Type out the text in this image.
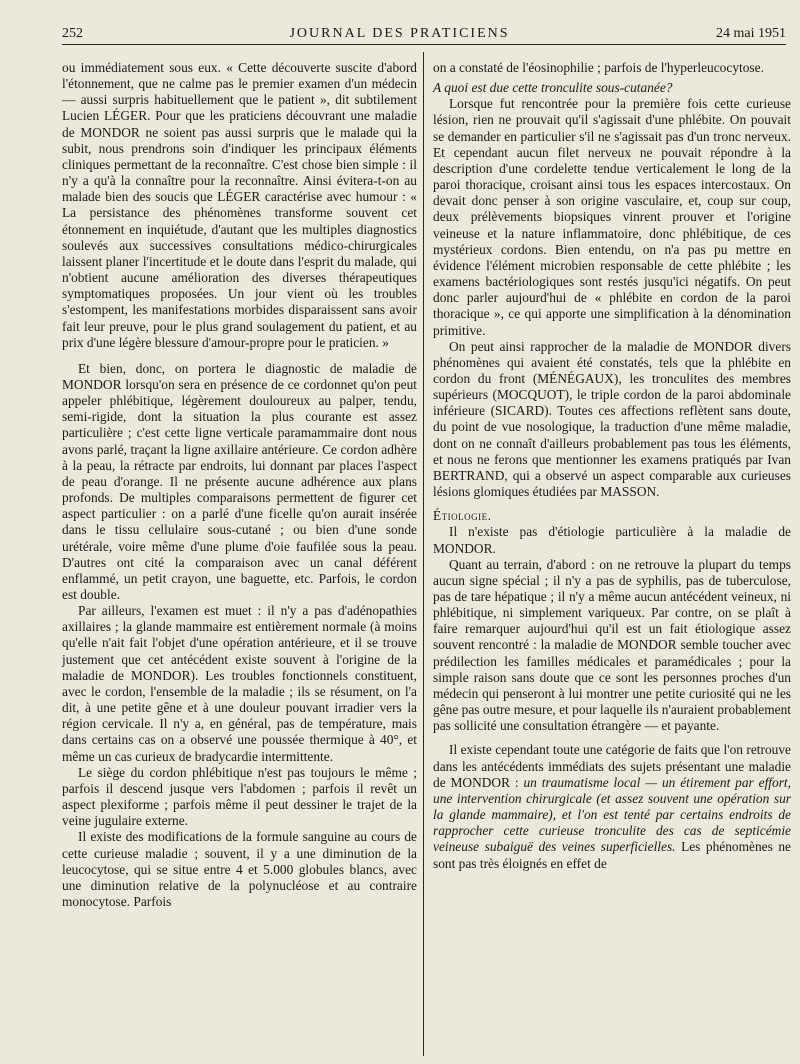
252	JOURNAL DES PRATICIENS	24 mai 1951

ou immédiatement sous eux. « Cette découverte suscite d'abord l'étonnement, que ne calme pas le premier examen d'un médecin — aussi surpris habituellement que le patient », dit subtilement Lucien LÉGER. Pour que les praticiens découvrant une maladie de MONDOR ne soient pas aussi surpris que le malade qui la subit, nous prendrons soin d'indiquer les principaux éléments cliniques permettant de la reconnaître. C'est chose bien simple : il n'y a qu'à la connaître pour la reconnaître. Ainsi évitera-t-on au malade bien des soucis que LÉGER caractérise avec humour : « La persistance des phénomènes transforme souvent cet étonnement en inquiétude, d'autant que les multiples diagnostics soulevés aux successives consultations médico-chirurgicales laissent planer l'incertitude et le doute dans l'esprit du malade, qui n'obtient aucune amélioration des diverses thérapeutiques symptomatiques proposées. Un jour vient où les troubles s'estompent, les manifestations morbides disparaissent sans avoir fait leur preuve, pour le plus grand soulagement du patient, et au prix d'une légère blessure d'amour-propre pour le praticien. »

Et bien, donc, on portera le diagnostic de maladie de MONDOR lorsqu'on sera en présence de ce cordonnet qu'on peut appeler phlébitique, légèrement douloureux au palper, tendu, semi-rigide, dont la situation la plus courante est assez particulière ; c'est cette ligne verticale paramammaire dont nous avons parlé, traçant la ligne axillaire antérieure. Ce cordon adhère à la peau, la rétracte par endroits, lui donnant par places l'aspect de peau d'orange. Il ne présente aucune adhérence aux plans profonds. De multiples comparaisons permettent de figurer cet aspect particulier : on a parlé d'une ficelle qu'on aurait insérée dans le tissu cellulaire sous-cutané ; ou bien d'une sonde urétérale, voire même d'une plume d'oie faufilée sous la peau. D'autres ont cité la comparaison avec un canal déférent enflammé, un petit crayon, une baguette, etc. Parfois, le cordon est double.

Par ailleurs, l'examen est muet : il n'y a pas d'adénopathies axillaires ; la glande mammaire est entièrement normale (à moins qu'elle n'ait fait l'objet d'une opération antérieure, et il se trouve justement que cet antécédent existe souvent à l'origine de la maladie de MONDOR). Les troubles fonctionnels constituent, avec le cordon, l'ensemble de la maladie ; ils se résument, on l'a dit, à une petite gêne et à une douleur pouvant irradier vers la région cervicale. Il n'y a, en général, pas de température, mais dans certains cas on a observé une poussée thermique à 40°, et même un cas curieux de bradycardie intermittente.

Le siège du cordon phlébitique n'est pas toujours le même ; parfois il descend jusque vers l'abdomen ; parfois il revêt un aspect plexiforme ; parfois même il peut dessiner le trajet de la veine jugulaire externe.

Il existe des modifications de la formule sanguine au cours de cette curieuse maladie ; souvent, il y a une diminution de la leucocytose, qui se situe entre 4 et 5.000 globules blancs, avec une diminution relative de la polynucléose et au contraire monocytose. Parfois

on a constaté de l'éosinophilie ; parfois de l'hyperleucocytose.

A quoi est due cette tronculite sous-cutanée?

Lorsque fut rencontrée pour la première fois cette curieuse lésion, rien ne prouvait qu'il s'agissait d'une phlébite. On pouvait se demander en particulier s'il ne s'agissait pas d'un tronc nerveux. Et cependant aucun filet nerveux ne pouvait répondre à la description d'une cordelette tendue verticalement le long de la paroi thoracique, croisant ainsi tous les espaces intercostaux. On devait donc penser à son origine vasculaire, et, coup sur coup, deux prélèvements biopsiques vinrent prouver et l'origine veineuse et la nature inflammatoire, donc phlébitique, de ces mystérieux cordons. Bien entendu, on n'a pas pu mettre en évidence l'élément microbien responsable de cette phlébite ; les examens bactériologiques sont restés jusqu'ici négatifs. On peut donc parler aujourd'hui de « phlébite en cordon de la paroi thoracique », ce qui apporte une simplification à la dénomination primitive.

On peut ainsi rapprocher de la maladie de MONDOR divers phénomènes qui avaient été constatés, tels que la phlébite en cordon du front (MÉNÉGAUX), les tronculites des membres supérieurs (MOCQUOT), le triple cordon de la paroi abdominale inférieure (SICARD). Toutes ces affections reflètent sans doute, du point de vue nosologique, la traduction d'une même maladie, dont on ne connaît d'ailleurs probablement pas tous les éléments, et nous ne ferons que mentionner les examens pratiqués par Ivan BERTRAND, qui a observé un aspect comparable aux curieuses lésions glomiques étudiées par MASSON.

Étiologie.

Il n'existe pas d'étiologie particulière à la maladie de MONDOR.

Quant au terrain, d'abord : on ne retrouve la plupart du temps aucun signe spécial ; il n'y a pas de syphilis, pas de tuberculose, pas de tare hépatique ; il n'y a même aucun antécédent veineux, ni phlébitique, ni simplement variqueux. Par contre, on se plaît à faire remarquer aujourd'hui qu'il est un fait étiologique assez souvent rencontré : la maladie de MONDOR semble toucher avec prédilection les familles médicales et paramédicales ; pour la simple raison sans doute que ce sont les personnes proches d'un médecin qui penseront à lui montrer une petite curiosité qui ne les gêne pas outre mesure, et pour laquelle ils n'auraient probablement pas sollicité une consultation étrangère — et payante.

Il existe cependant toute une catégorie de faits que l'on retrouve dans les antécédents immédiats des sujets présentant une maladie de MONDOR : un traumatisme local — un étirement par effort, une intervention chirurgicale (et assez souvent une opération sur la glande mammaire), et l'on est tenté par certains endroits de rapprocher cette curieuse tronculite des cas de septicémie veineuse subaiguë des veines superficielles. Les phénomènes ne sont pas très éloignés en effet de
